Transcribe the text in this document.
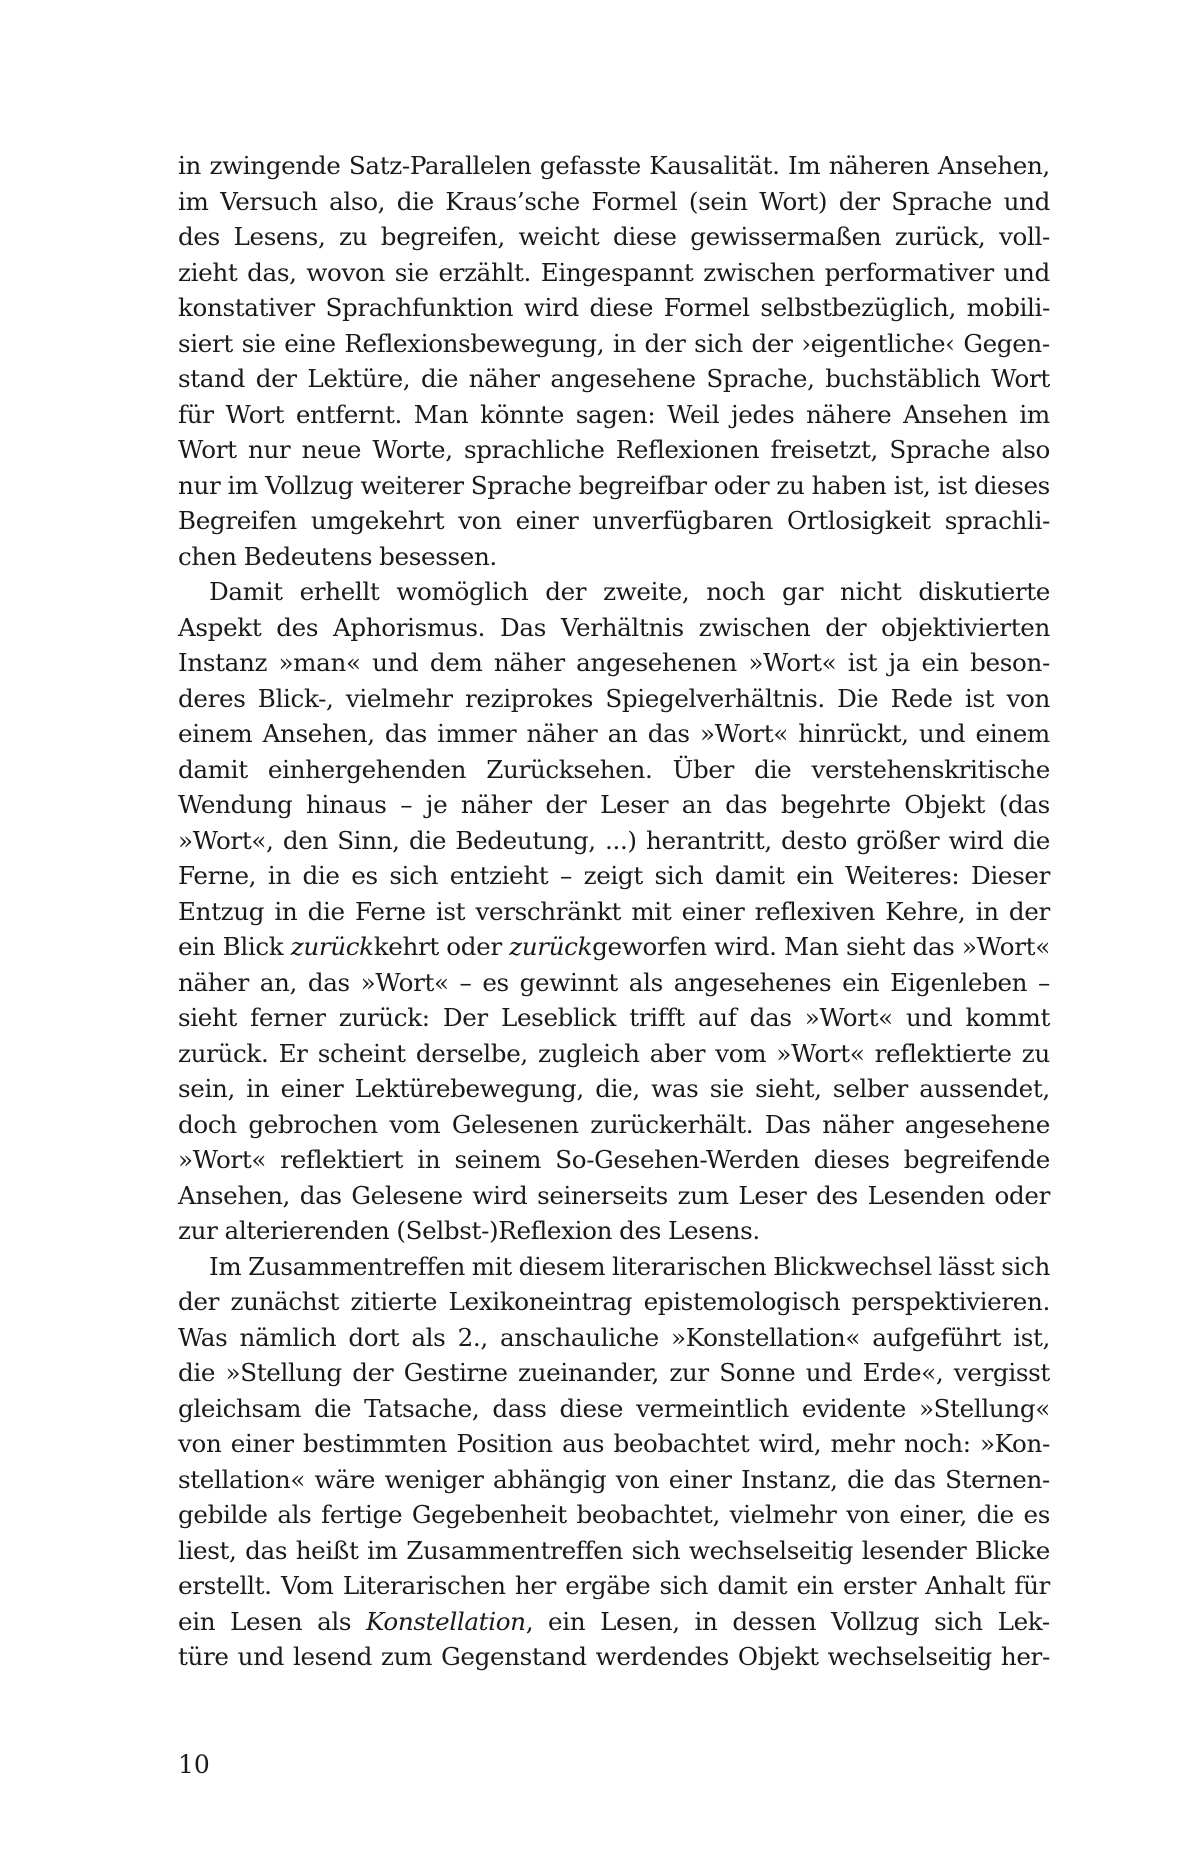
in zwingende Satz-Parallelen gefasste Kausalität. Im näheren Ansehen,
im Versuch also, die Kraus’sche Formel (sein Wort) der Sprache und
des Lesens, zu begreifen, weicht diese gewissermaßen zurück, voll-
zieht das, wovon sie erzählt. Eingespannt zwischen performativer und
konstativer Sprachfunktion wird diese Formel selbstbezüglich, mobili-
siert sie eine Reflexionsbewegung, in der sich der ›eigentliche‹ Gegen-
stand der Lektüre, die näher angesehene Sprache, buchstäblich Wort
für Wort entfernt. Man könnte sagen: Weil jedes nähere Ansehen im
Wort nur neue Worte, sprachliche Reflexionen freisetzt, Sprache also
nur im Vollzug weiterer Sprache begreifbar oder zu haben ist, ist dieses
Begreifen umgekehrt von einer unverfügbaren Ortlosigkeit sprachli-
chen Bedeutens besessen.
Damit erhellt womöglich der zweite, noch gar nicht diskutierte
Aspekt des Aphorismus. Das Verhältnis zwischen der objektivierten
Instanz »man« und dem näher angesehenen »Wort« ist ja ein beson-
deres Blick-, vielmehr reziprokes Spiegelverhältnis. Die Rede ist von
einem Ansehen, das immer näher an das »Wort« hinrückt, und einem
damit einhergehenden Zurücksehen. Über die verstehenskritische
Wendung hinaus – je näher der Leser an das begehrte Objekt (das
»Wort«, den Sinn, die Bedeutung, ...) herantritt, desto größer wird die
Ferne, in die es sich entzieht – zeigt sich damit ein Weiteres: Dieser
Entzug in die Ferne ist verschränkt mit einer reflexiven Kehre, in der
ein Blick zurückkehrt oder zurückgeworfen wird. Man sieht das »Wort«
näher an, das »Wort« – es gewinnt als angesehenes ein Eigenleben –
sieht ferner zurück: Der Leseblick trifft auf das »Wort« und kommt
zurück. Er scheint derselbe, zugleich aber vom »Wort« reflektierte zu
sein, in einer Lektürebewegung, die, was sie sieht, selber aussendet,
doch gebrochen vom Gelesenen zurückerhält. Das näher angesehene
»Wort« reflektiert in seinem So-Gesehen-Werden dieses begreifende
Ansehen, das Gelesene wird seinerseits zum Leser des Lesenden oder
zur alterierenden (Selbst-)Reflexion des Lesens.
Im Zusammentreffen mit diesem literarischen Blickwechsel lässt sich
der zunächst zitierte Lexikoneintrag epistemologisch perspektivieren.
Was nämlich dort als 2., anschauliche »Konstellation« aufgeführt ist,
die »Stellung der Gestirne zueinander, zur Sonne und Erde«, vergisst
gleichsam die Tatsache, dass diese vermeintlich evidente »Stellung«
von einer bestimmten Position aus beobachtet wird, mehr noch: »Kon-
stellation« wäre weniger abhängig von einer Instanz, die das Sternen-
gebilde als fertige Gegebenheit beobachtet, vielmehr von einer, die es
liest, das heißt im Zusammentreffen sich wechselseitig lesender Blicke
erstellt. Vom Literarischen her ergäbe sich damit ein erster Anhalt für
ein Lesen als Konstellation, ein Lesen, in dessen Vollzug sich Lek-
türe und lesend zum Gegenstand werdendes Objekt wechselseitig her-
10
